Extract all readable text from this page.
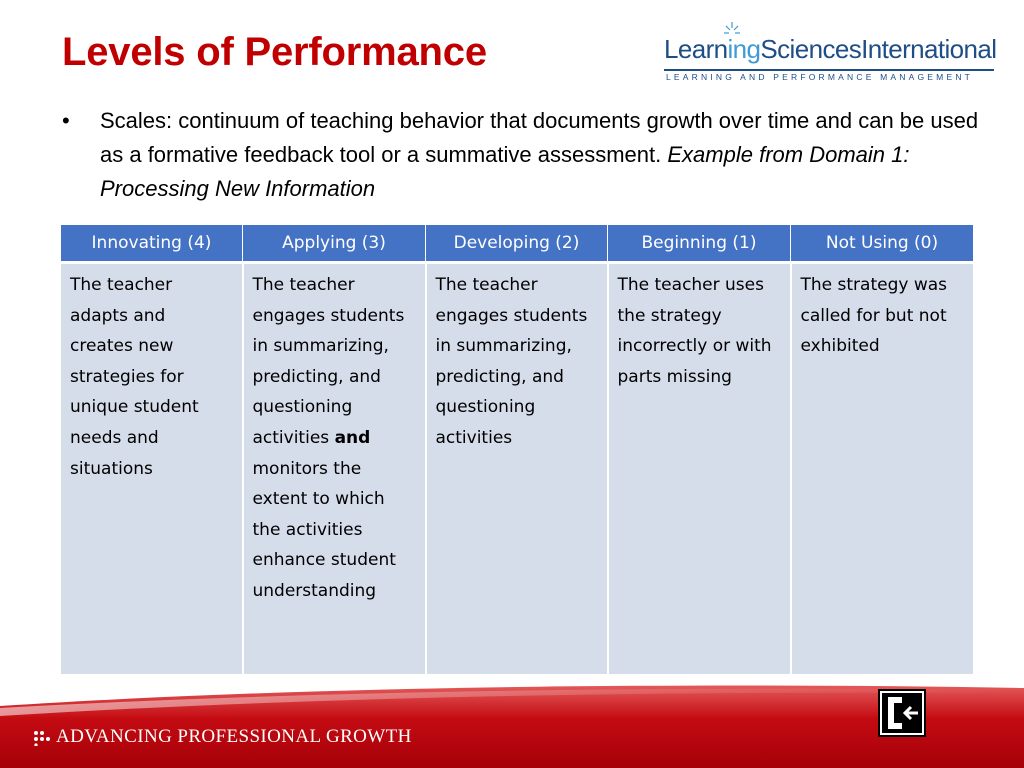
Levels of Performance	LearningSciencesInternational
LEARNING AND PERFORMANCE MANAGEMENT
• Scales: continuum of teaching behavior that documents growth over time and can be used as a formative feedback tool or a summative assessment. Example from Domain 1: Processing New Information
Innovating (4)	Applying (3)	Developing (2)	Beginning (1)	Not Using (0)
The teacher adapts and creates new strategies for unique student needs and situations	The teacher engages students in summarizing, predicting, and questioning activities and monitors the extent to which the activities enhance student understanding	The teacher engages students in summarizing, predicting, and questioning activities	The teacher uses the strategy incorrectly or with parts missing	The strategy was called for but not exhibited
ADVANCING PROFESSIONAL GROWTH
